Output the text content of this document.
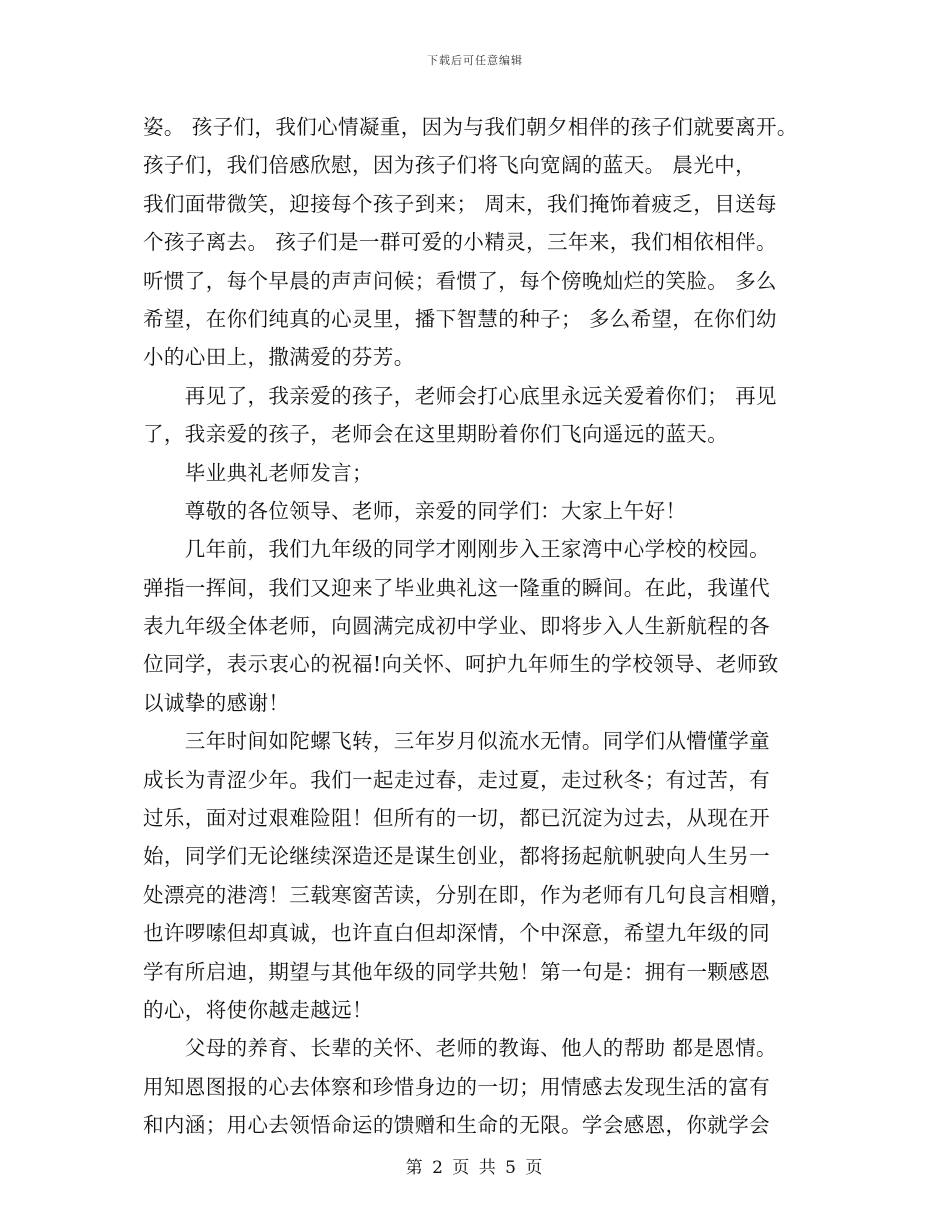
下载后可任意编辑
姿。 孩子们，我们心情凝重，因为与我们朝夕相伴的孩子们就要离开。
孩子们，我们倍感欣慰，因为孩子们将飞向宽阔的蓝天。 晨光中，
我们面带微笑，迎接每个孩子到来； 周末，我们掩饰着疲乏，目送每
个孩子离去。 孩子们是一群可爱的小精灵，三年来，我们相依相伴。
听惯了，每个早晨的声声问候；看惯了，每个傍晚灿烂的笑脸。 多么
希望，在你们纯真的心灵里，播下智慧的种子； 多么希望，在你们幼
小的心田上，撒满爱的芬芳。
　　再见了，我亲爱的孩子，老师会打心底里永远关爱着你们； 再见
了，我亲爱的孩子，老师会在这里期盼着你们飞向遥远的蓝天。
　　毕业典礼老师发言；
　　尊敬的各位领导、老师，亲爱的同学们：大家上午好！
　　几年前，我们九年级的同学才刚刚步入王家湾中心学校的校园。
弹指一挥间，我们又迎来了毕业典礼这一隆重的瞬间。在此，我谨代
表九年级全体老师，向圆满完成初中学业、即将步入人生新航程的各
位同学，表示衷心的祝福!向关怀、呵护九年师生的学校领导、老师致
以诚挚的感谢！
　　三年时间如陀螺飞转，三年岁月似流水无情。同学们从懵懂学童
成长为青涩少年。我们一起走过春，走过夏，走过秋冬；有过苦，有
过乐，面对过艰难险阻！但所有的一切，都已沉淀为过去，从现在开
始，同学们无论继续深造还是谋生创业，都将扬起航帆驶向人生另一
处漂亮的港湾！三载寒窗苦读，分别在即，作为老师有几句良言相赠，
也许啰嗦但却真诚，也许直白但却深情，个中深意，希望九年级的同
学有所启迪，期望与其他年级的同学共勉！第一句是：拥有一颗感恩
的心，将使你越走越远！
　　父母的养育、长辈的关怀、老师的教诲、他人的帮助 都是恩情。
用知恩图报的心去体察和珍惜身边的一切；用情感去发现生活的富有
和内涵；用心去领悟命运的馈赠和生命的无限。学会感恩，你就学会
第 2 页 共 5 页
